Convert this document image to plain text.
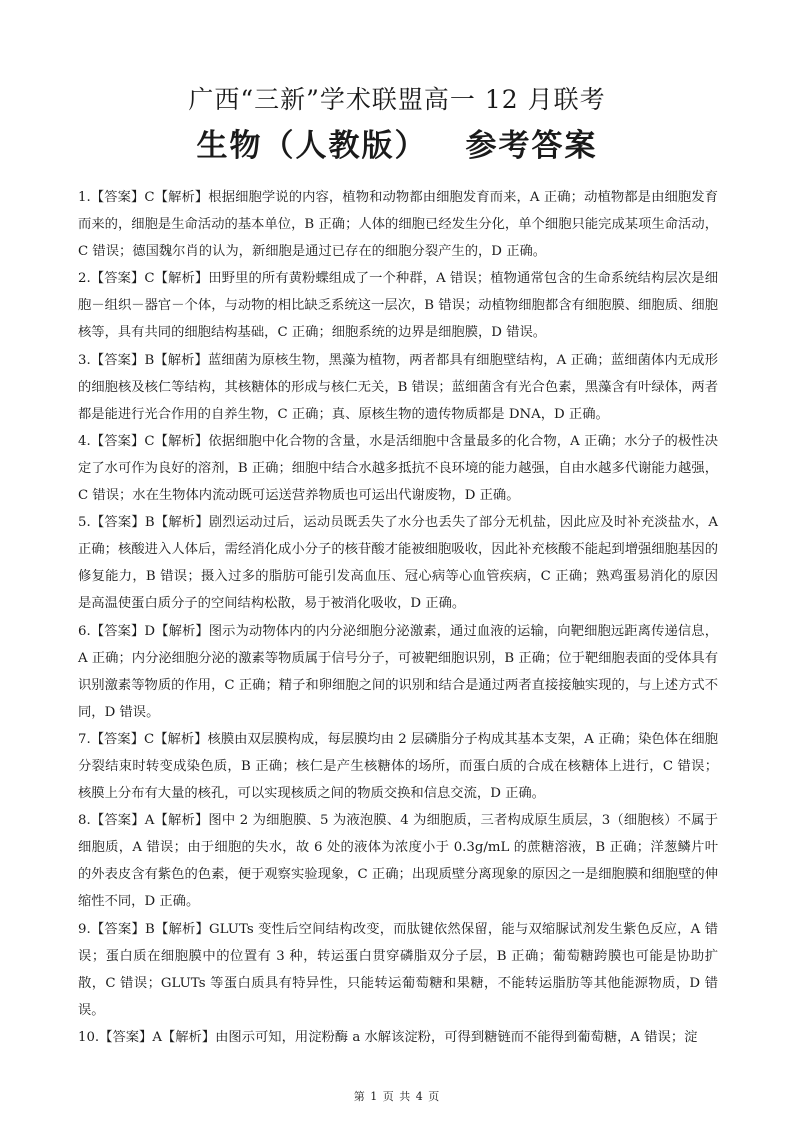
广西“三新”学术联盟高一 12 月联考
生物（人教版） 参考答案

1.【答案】C【解析】根据细胞学说的内容，植物和动物都由细胞发育而来，A 正确；动植物都是由细胞发育而来的，细胞是生命活动的基本单位，B 正确；人体的细胞已经发生分化，单个细胞只能完成某项生命活动，C 错误；德国魏尔肖的认为，新细胞是通过已存在的细胞分裂产生的，D 正确。

2.【答案】C【解析】田野里的所有黄粉蝶组成了一个种群，A 错误；植物通常包含的生命系统结构层次是细胞－组织－器官－个体，与动物的相比缺乏系统这一层次，B 错误；动植物细胞都含有细胞膜、细胞质、细胞核等，具有共同的细胞结构基础，C 正确；细胞系统的边界是细胞膜，D 错误。

3.【答案】B【解析】蓝细菌为原核生物，黑藻为植物，两者都具有细胞壁结构，A 正确；蓝细菌体内无成形的细胞核及核仁等结构，其核糖体的形成与核仁无关，B 错误；蓝细菌含有光合色素，黑藻含有叶绿体，两者都是能进行光合作用的自养生物，C 正确；真、原核生物的遗传物质都是 DNA，D 正确。

4.【答案】C【解析】依据细胞中化合物的含量，水是活细胞中含量最多的化合物，A 正确；水分子的极性决定了水可作为良好的溶剂，B 正确；细胞中结合水越多抵抗不良环境的能力越强，自由水越多代谢能力越强，C 错误；水在生物体内流动既可运送营养物质也可运出代谢废物，D 正确。

5.【答案】B【解析】剧烈运动过后，运动员既丢失了水分也丢失了部分无机盐，因此应及时补充淡盐水，A 正确；核酸进入人体后，需经消化成小分子的核苷酸才能被细胞吸收，因此补充核酸不能起到增强细胞基因的修复能力，B 错误；摄入过多的脂肪可能引发高血压、冠心病等心血管疾病，C 正确；熟鸡蛋易消化的原因是高温使蛋白质分子的空间结构松散，易于被消化吸收，D 正确。

6.【答案】D【解析】图示为动物体内的内分泌细胞分泌激素，通过血液的运输，向靶细胞远距离传递信息，A 正确；内分泌细胞分泌的激素等物质属于信号分子，可被靶细胞识别，B 正确；位于靶细胞表面的受体具有识别激素等物质的作用，C 正确；精子和卵细胞之间的识别和结合是通过两者直接接触实现的，与上述方式不同，D 错误。

7.【答案】C【解析】核膜由双层膜构成，每层膜均由 2 层磷脂分子构成其基本支架，A 正确；染色体在细胞分裂结束时转变成染色质，B 正确；核仁是产生核糖体的场所，而蛋白质的合成在核糖体上进行，C 错误；核膜上分布有大量的核孔，可以实现核质之间的物质交换和信息交流，D 正确。

8.【答案】A【解析】图中 2 为细胞膜、5 为液泡膜、4 为细胞质，三者构成原生质层，3（细胞核）不属于细胞质，A 错误；由于细胞的失水，故 6 处的液体为浓度小于 0.3g/mL 的蔗糖溶液，B 正确；洋葱鳞片叶的外表皮含有紫色的色素，便于观察实验现象，C 正确；出现质壁分离现象的原因之一是细胞膜和细胞壁的伸缩性不同，D 正确。

9.【答案】B【解析】GLUTs 变性后空间结构改变，而肽键依然保留，能与双缩脲试剂发生紫色反应，A 错误；蛋白质在细胞膜中的位置有 3 种，转运蛋白贯穿磷脂双分子层，B 正确；葡萄糖跨膜也可能是协助扩散，C 错误；GLUTs 等蛋白质具有特异性，只能转运葡萄糖和果糖，不能转运脂肪等其他能源物质，D 错误。

10.【答案】A【解析】由图示可知，用淀粉酶 a 水解该淀粉，可得到糖链而不能得到葡萄糖，A 错误；淀

第 1 页 共 4 页
